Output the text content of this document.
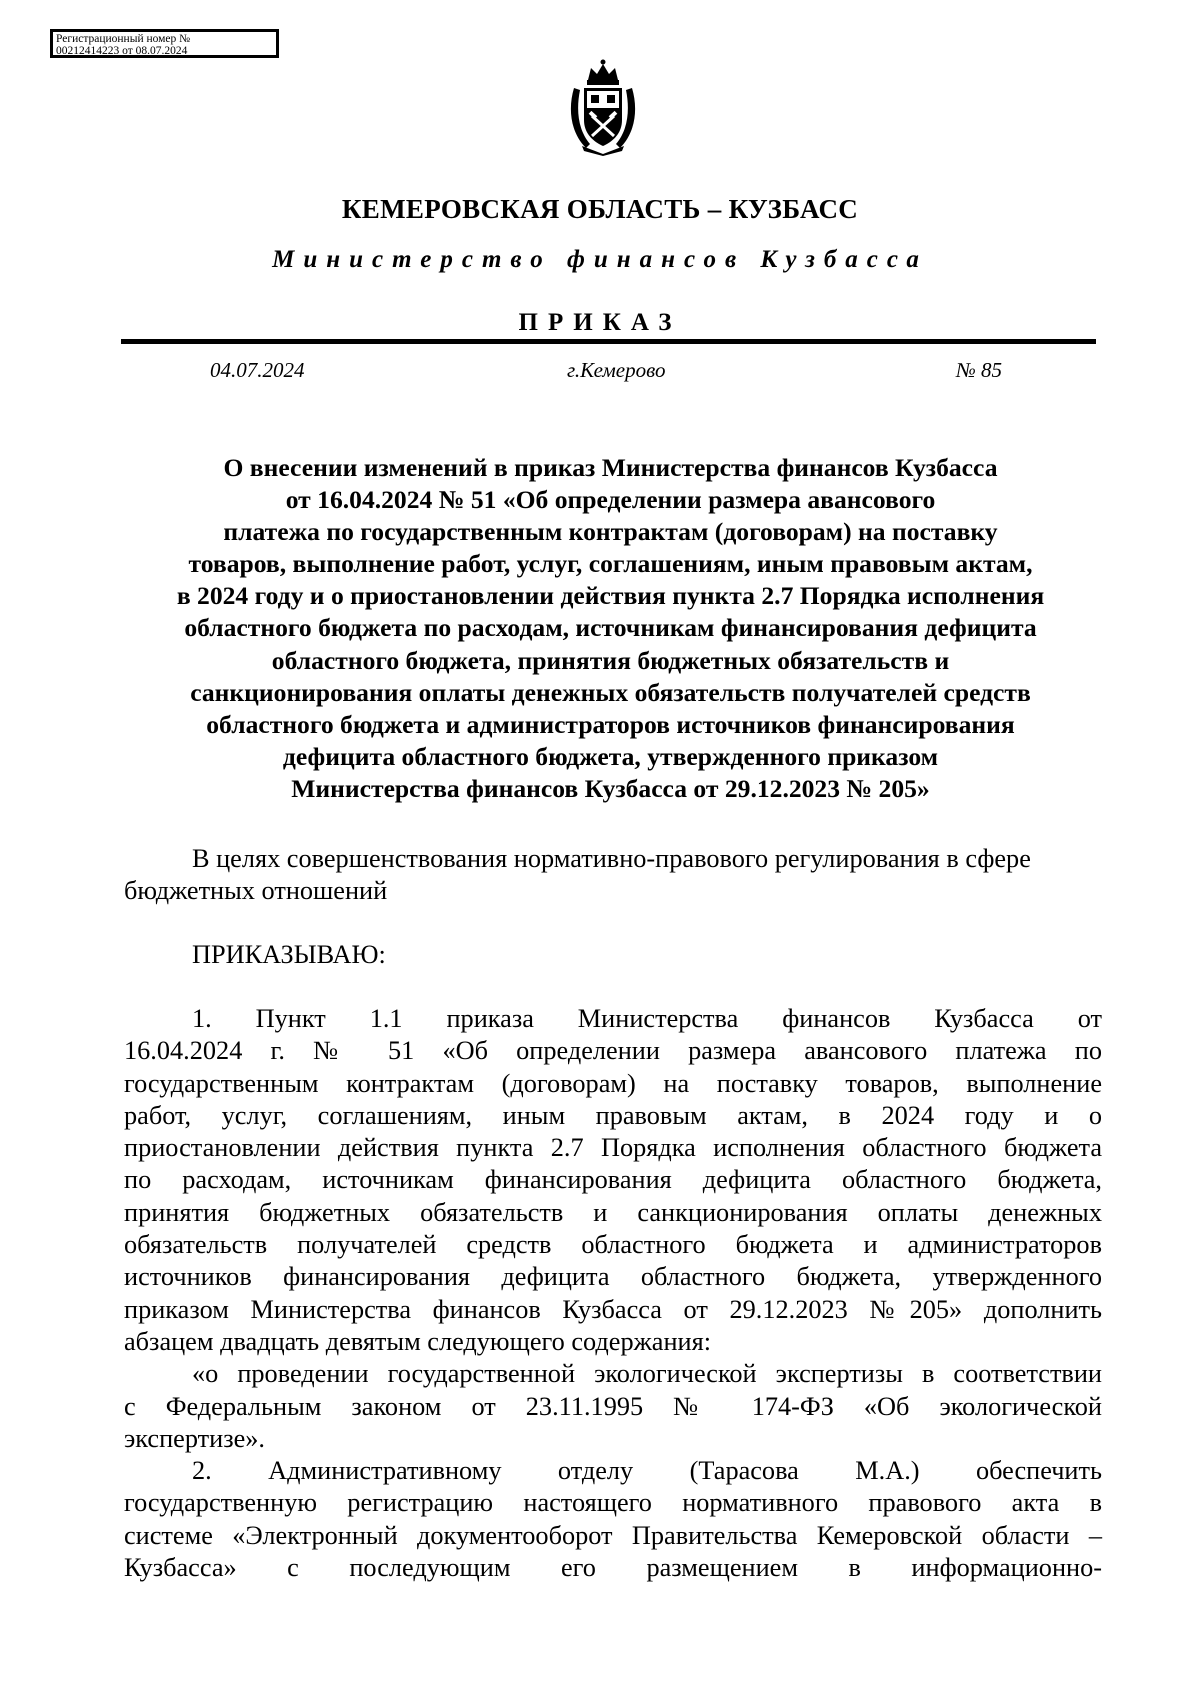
Регистрационный номер №
00212414223 от 08.07.2024
КЕМЕРОВСКАЯ ОБЛАСТЬ – КУЗБАСС
Министерство финансов Кузбасса
ПРИКАЗ
04.07.2024	г.Кемерово	№ 85
О внесении изменений в приказ Министерства финансов Кузбасса
от 16.04.2024 № 51 «Об определении размера авансового
платежа по государственным контрактам (договорам) на поставку
товаров, выполнение работ, услуг, соглашениям, иным правовым актам,
в 2024 году и о приостановлении действия пункта 2.7 Порядка исполнения
областного бюджета по расходам, источникам финансирования дефицита
областного бюджета, принятия бюджетных обязательств и
санкционирования оплаты денежных обязательств получателей средств
областного бюджета и администраторов источников финансирования
дефицита областного бюджета, утвержденного приказом
Министерства финансов Кузбасса от 29.12.2023 № 205»
В целях совершенствования нормативно-правового регулирования в сфере
бюджетных отношений
ПРИКАЗЫВАЮ:
1. Пункт 1.1 приказа Министерства финансов Кузбасса от
16.04.2024 г. № 51 «Об определении размера авансового платежа по
государственным контрактам (договорам) на поставку товаров, выполнение
работ, услуг, соглашениям, иным правовым актам, в 2024 году и о
приостановлении действия пункта 2.7 Порядка исполнения областного бюджета
по расходам, источникам финансирования дефицита областного бюджета,
принятия бюджетных обязательств и санкционирования оплаты денежных
обязательств получателей средств областного бюджета и администраторов
источников финансирования дефицита областного бюджета, утвержденного
приказом Министерства финансов Кузбасса от 29.12.2023 №205» дополнить
абзацем двадцать девятым следующего содержания:
«о проведении государственной экологической экспертизы в соответствии
с Федеральным законом от 23.11.1995 № 174-ФЗ «Об экологической
экспертизе».
2. Административному отделу (Тарасова М.А.) обеспечить
государственную регистрацию настоящего нормативного правового акта в
системе «Электронный документооборот Правительства Кемеровской области –
Кузбасса» с последующим его размещением в информационно-
